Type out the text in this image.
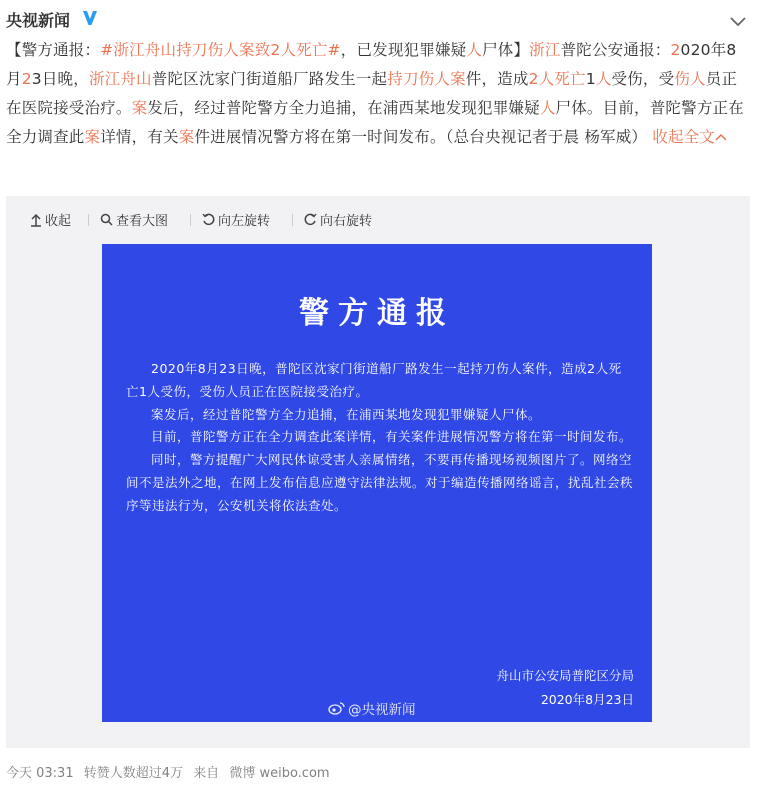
央视新闻
【警方通报：#浙江舟山持刀伤人案致2人死亡#，已发现犯罪嫌疑人尸体】浙江普陀公安通报：2020年8月23日晚，浙江舟山普陀区沈家门街道船厂路发生一起持刀伤人案件，造成2人死亡1人受伤，受伤人员正在医院接受治疗。案发后，经过普陀警方全力追捕，在浦西某地发现犯罪嫌疑人尸体。目前，普陀警方正在全力调查此案详情，有关案件进展情况警方将在第一时间发布。（总台央视记者于晨 杨军威） 收起全文
收起	查看大图	向左旋转	向右旋转
警方通报

2020年8月23日晚，普陀区沈家门街道船厂路发生一起持刀伤人案件，造成2人死亡1人受伤，受伤人员正在医院接受治疗。

案发后，经过普陀警方全力追捕，在浦西某地发现犯罪嫌疑人尸体。

目前，普陀警方正在全力调查此案详情，有关案件进展情况警方将在第一时间发布。

同时，警方提醒广大网民体谅受害人亲属情绪，不要再传播现场视频图片了。网络空间不是法外之地，在网上发布信息应遵守法律法规。对于编造传播网络谣言，扰乱社会秩序等违法行为，公安机关将依法查处。

舟山市公安局普陀区分局
2020年8月23日
@央视新闻
今天 03:31 转赞人数超过4万 来自 微博 weibo.com
